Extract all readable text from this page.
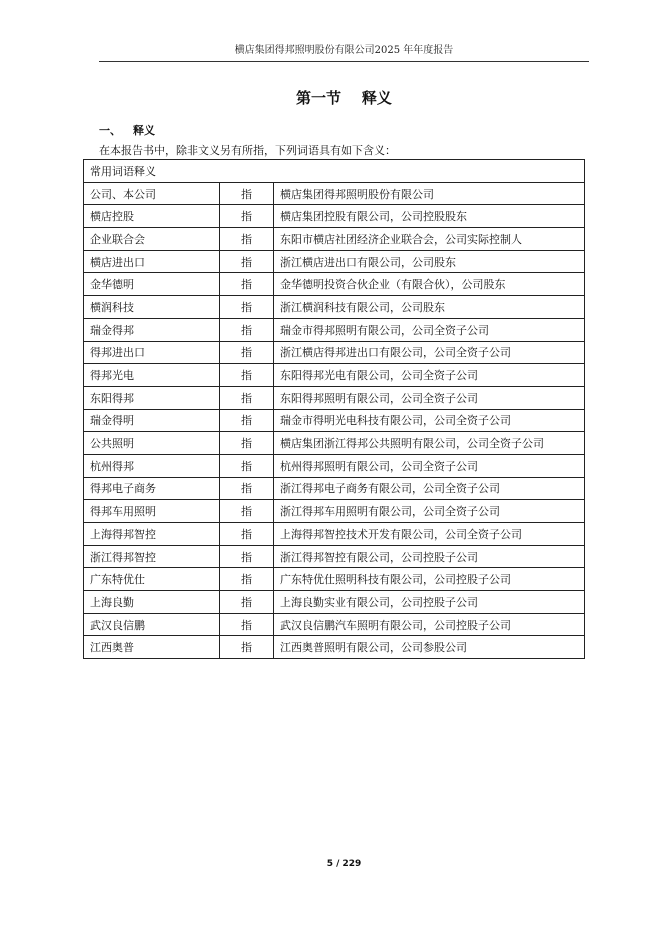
横店集团得邦照明股份有限公司2025 年年度报告
第一节    释义
一、 释义
在本报告书中，除非文义另有所指，下列词语具有如下含义：
常用词语释义		
公司、本公司	指	横店集团得邦照明股份有限公司
横店控股	指	横店集团控股有限公司，公司控股股东
企业联合会	指	东阳市横店社团经济企业联合会，公司实际控制人
横店进出口	指	浙江横店进出口有限公司，公司股东
金华德明	指	金华德明投资合伙企业（有限合伙），公司股东
横润科技	指	浙江横润科技有限公司，公司股东
瑞金得邦	指	瑞金市得邦照明有限公司，公司全资子公司
得邦进出口	指	浙江横店得邦进出口有限公司，公司全资子公司
得邦光电	指	东阳得邦光电有限公司，公司全资子公司
东阳得邦	指	东阳得邦照明有限公司，公司全资子公司
瑞金得明	指	瑞金市得明光电科技有限公司，公司全资子公司
公共照明	指	横店集团浙江得邦公共照明有限公司，公司全资子公司
杭州得邦	指	杭州得邦照明有限公司，公司全资子公司
得邦电子商务	指	浙江得邦电子商务有限公司，公司全资子公司
得邦车用照明	指	浙江得邦车用照明有限公司，公司全资子公司
上海得邦智控	指	上海得邦智控技术开发有限公司，公司全资子公司
浙江得邦智控	指	浙江得邦智控有限公司，公司控股子公司
广东特优仕	指	广东特优仕照明科技有限公司，公司控股子公司
上海良勤	指	上海良勤实业有限公司，公司控股子公司
武汉良信鹏	指	武汉良信鹏汽车照明有限公司，公司控股子公司
江西奥普	指	江西奥普照明有限公司，公司参股公司
5 / 229
